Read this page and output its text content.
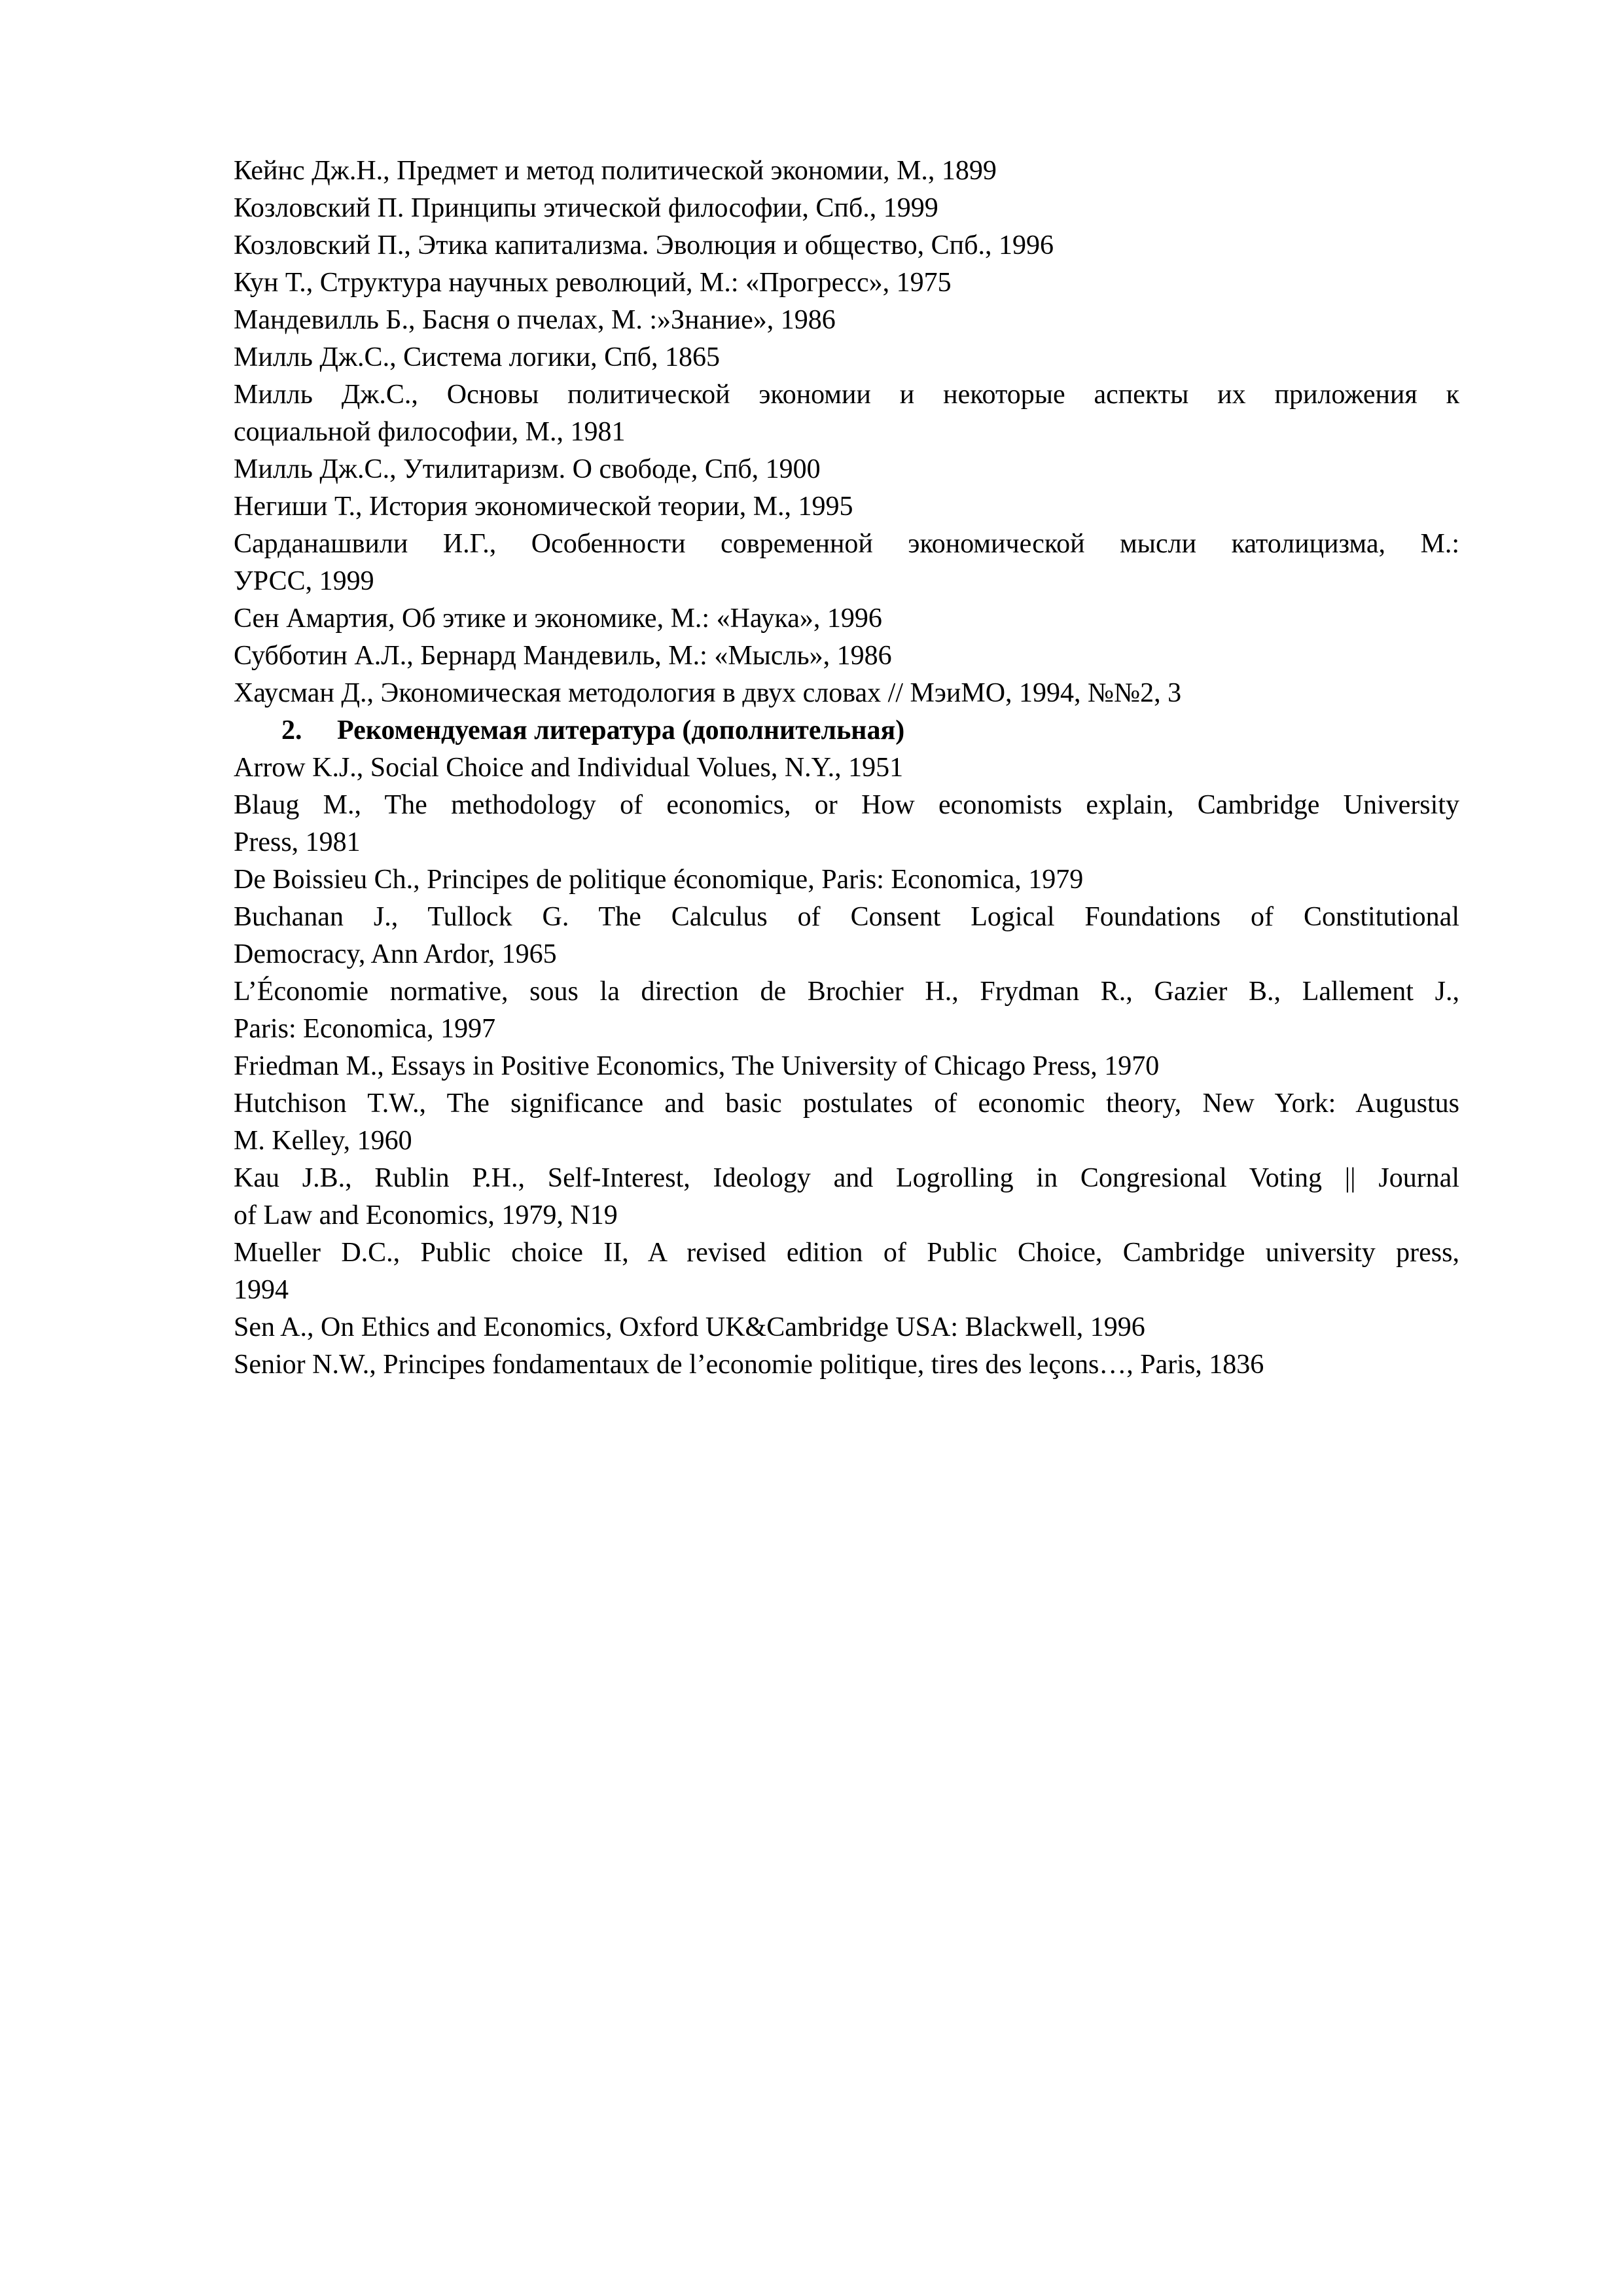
Кейнс Дж.Н., Предмет и метод политической экономии, М., 1899
Козловский П. Принципы этической философии, Спб., 1999
Козловский П., Этика капитализма. Эволюция и общество, Спб., 1996
Кун Т., Структура научных революций, М.: «Прогресс», 1975
Мандевилль Б., Басня о пчелах, М. :»Знание», 1986
Милль Дж.С., Система логики, Спб, 1865
Милль Дж.С., Основы политической экономии и некоторые аспекты их приложения к
социальной философии, М., 1981
Милль Дж.С., Утилитаризм. О свободе, Спб, 1900
Негиши Т., История экономической теории, М., 1995
Сарданашвили И.Г., Особенности современной экономической мысли католицизма, М.:
УРСС, 1999
Сен Амартия, Об этике и экономике, М.: «Наука», 1996
Субботин А.Л., Бернард Мандевиль, М.: «Мысль», 1986
Хаусман Д., Экономическая методология в двух словах // МэиМО, 1994, №№2, 3
2. Рекомендуемая литература (дополнительная)
Arrow K.J., Social Choice and Individual Volues, N.Y., 1951
Blaug M., The methodology of economics, or How economists explain, Cambridge University
Press, 1981
De Boissieu Ch., Principes de politique économique, Paris: Economica, 1979
Buchanan J., Tullock G. The Calculus of Consent Logical Foundations of Constitutional
Democracy, Ann Ardor, 1965
L’Économie normative, sous la direction de Brochier H., Frydman R., Gazier B., Lallement J.,
Paris: Economica, 1997
Friedman M., Essays in Positive Economics, The University of Chicago Press, 1970
Hutchison T.W., The significance and basic postulates of economic theory, New York: Augustus
M. Kelley, 1960
Kau J.B., Rublin P.H., Self-Interest, Ideology and Logrolling in Congresional Voting || Journal
of Law and Economics, 1979, N19
Mueller D.C., Public choice II, A revised edition of Public Choice, Cambridge university press,
1994
Sen A., On Ethics and Economics, Oxford UK&Cambridge USA: Blackwell, 1996
Senior N.W., Principes fondamentaux de l’economie politique, tires des leçons…, Paris, 1836
